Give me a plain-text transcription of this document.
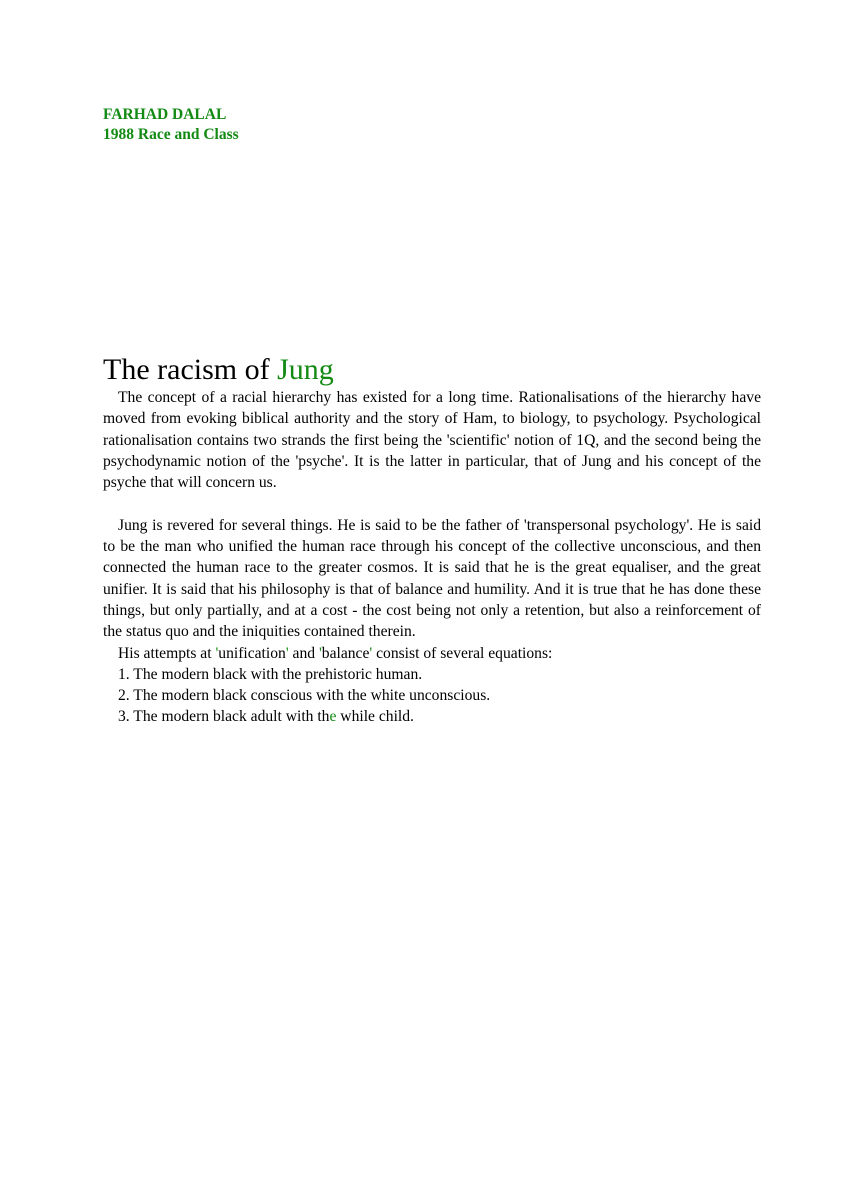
FARHAD DALAL
1988 Race and Class
The racism of Jung

The concept of a racial hierarchy has existed for a long time. Rationalisations of the hierarchy have moved from evoking biblical authority and the story of Ham, to biology, to psychology. Psychological rationalisation contains two strands the first being the 'scientific' notion of 1Q, and the second being the psychodynamic notion of the 'psyche'. It is the latter in particular, that of Jung and his concept of the psyche that will concern us.

Jung is revered for several things. He is said to be the father of 'transpersonal psychology'. He is said to be the man who unified the human race through his concept of the collective unconscious, and then connected the human race to the greater cosmos. It is said that he is the great equaliser, and the great unifier. It is said that his philosophy is that of balance and humility. And it is true that he has done these things, but only partially, and at a cost - the cost being not only a retention, but also a reinforcement of the status quo and the iniquities contained therein.

His attempts at 'unification' and 'balance' consist of several equations:

1. The modern black with the prehistoric human.

2. The modern black conscious with the white unconscious.

3. The modern black adult with the while child.
